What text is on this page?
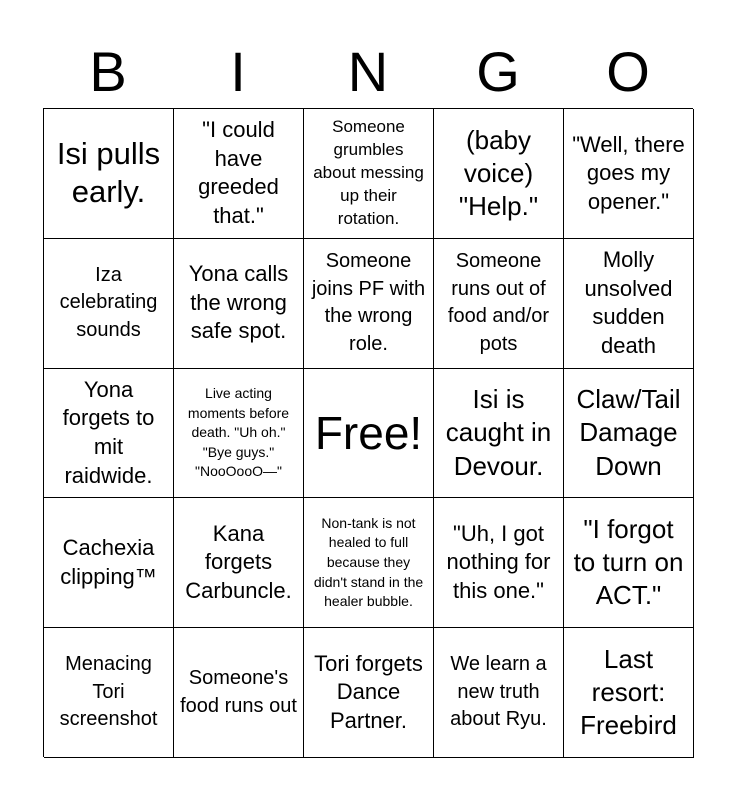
B	I	N	G	O
Isi pulls early.
"I could have greeded that."
Someone grumbles about messing up their rotation.
(baby voice) "Help."
"Well, there goes my opener."
Iza celebrating sounds
Yona calls the wrong safe spot.
Someone joins PF with the wrong role.
Someone runs out of food and/or pots
Molly unsolved sudden death
Yona forgets to mit raidwide.
Live acting moments before death. "Uh oh." "Bye guys." "NooOooO—"
Free!
Isi is caught in Devour.
Claw/Tail Damage Down
Cachexia clipping™
Kana forgets Carbuncle.
Non-tank is not healed to full because they didn't stand in the healer bubble.
"Uh, I got nothing for this one."
"I forgot to turn on ACT."
Menacing Tori screenshot
Someone's food runs out
Tori forgets Dance Partner.
We learn a new truth about Ryu.
Last resort: Freebird
